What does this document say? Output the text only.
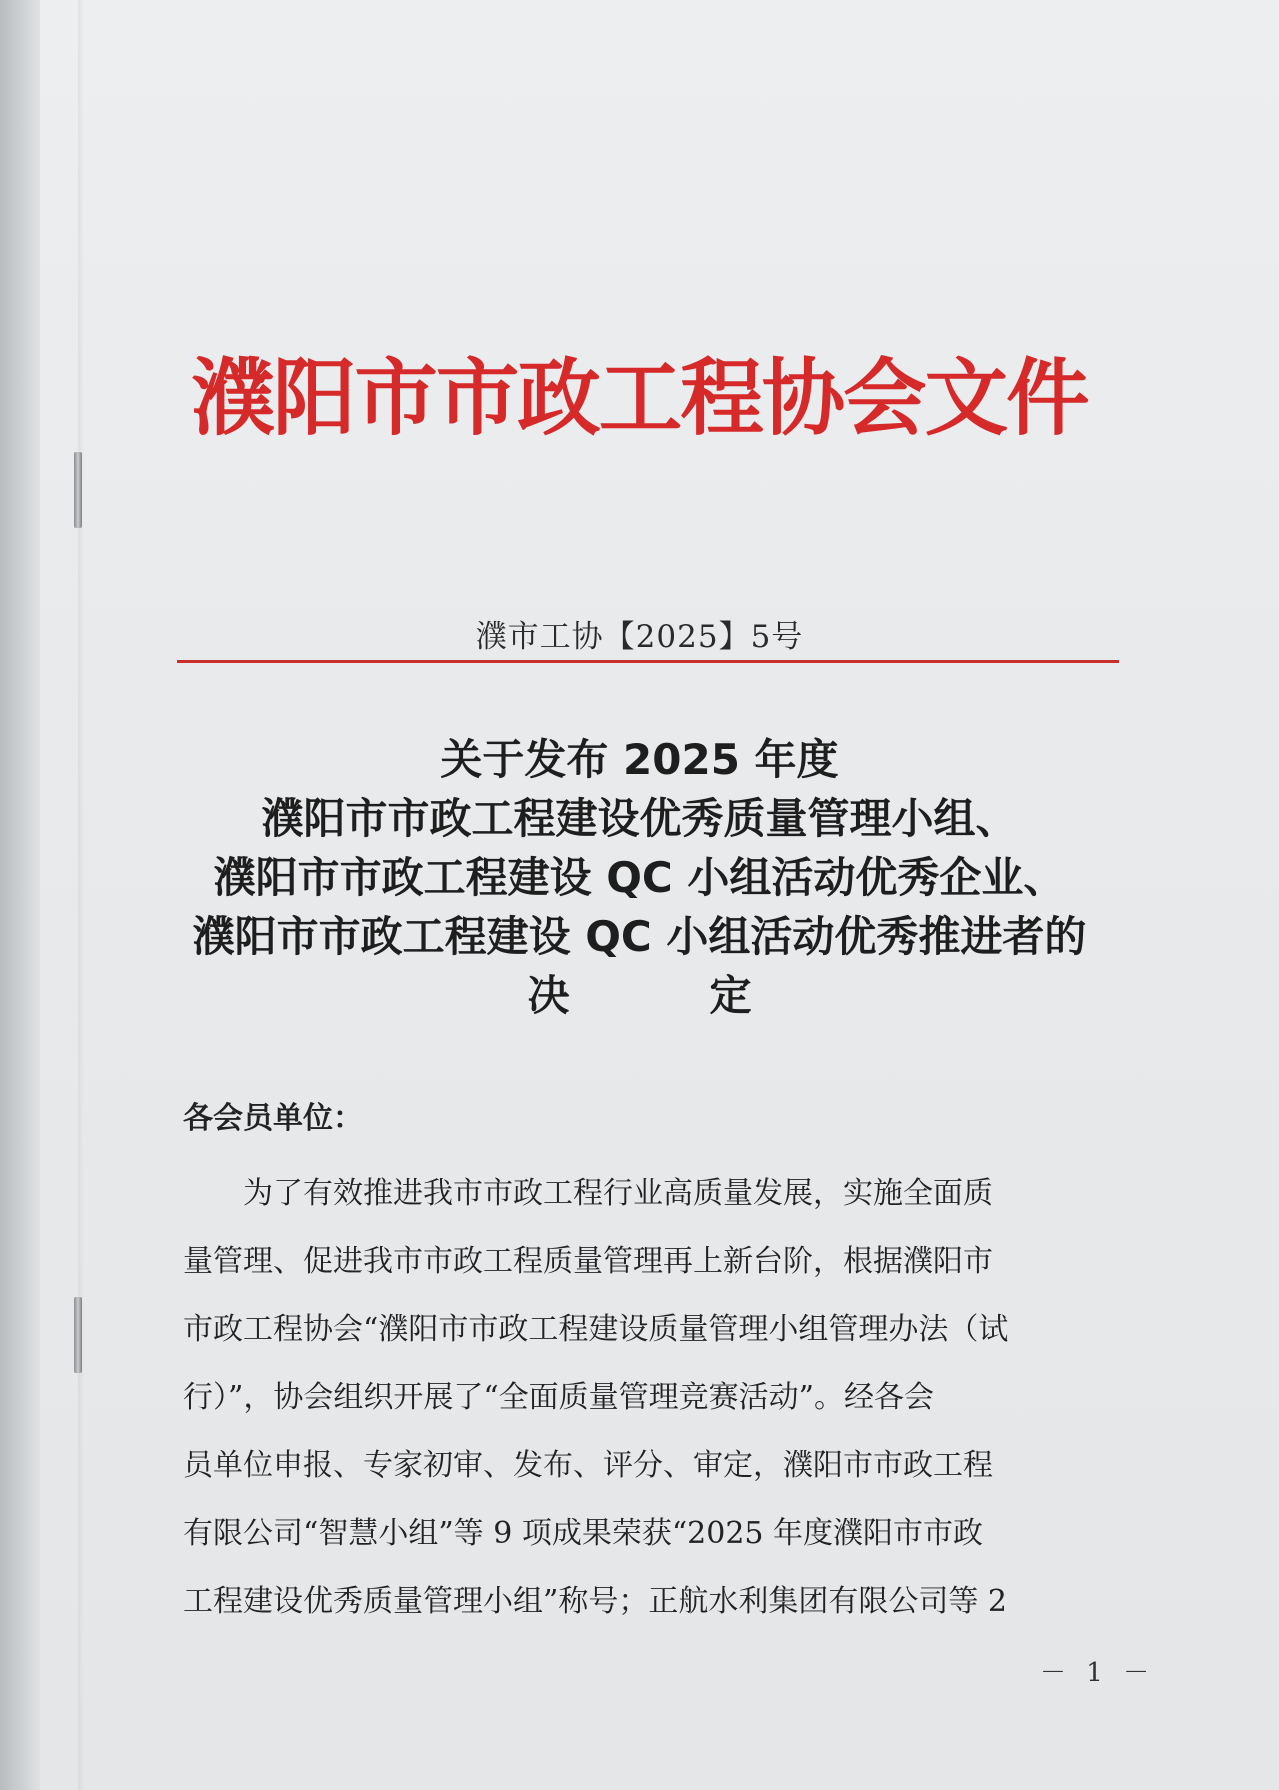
濮阳市市政工程协会文件
濮市工协【2025】5号
关于发布 2025 年度
濮阳市市政工程建设优秀质量管理小组、
濮阳市市政工程建设 QC 小组活动优秀企业、
濮阳市市政工程建设 QC 小组活动优秀推进者的
决定
各会员单位：
为了有效推进我市市政工程行业高质量发展，实施全面质
量管理、促进我市市政工程质量管理再上新台阶，根据濮阳市
市政工程协会“濮阳市市政工程建设质量管理小组管理办法（试
行）”，协会组织开展了“全面质量管理竞赛活动”。经各会
员单位申报、专家初审、发布、评分、审定，濮阳市市政工程
有限公司“智慧小组”等 9 项成果荣获“2025 年度濮阳市市政
工程建设优秀质量管理小组”称号；正航水利集团有限公司等 2
－ 1 －
